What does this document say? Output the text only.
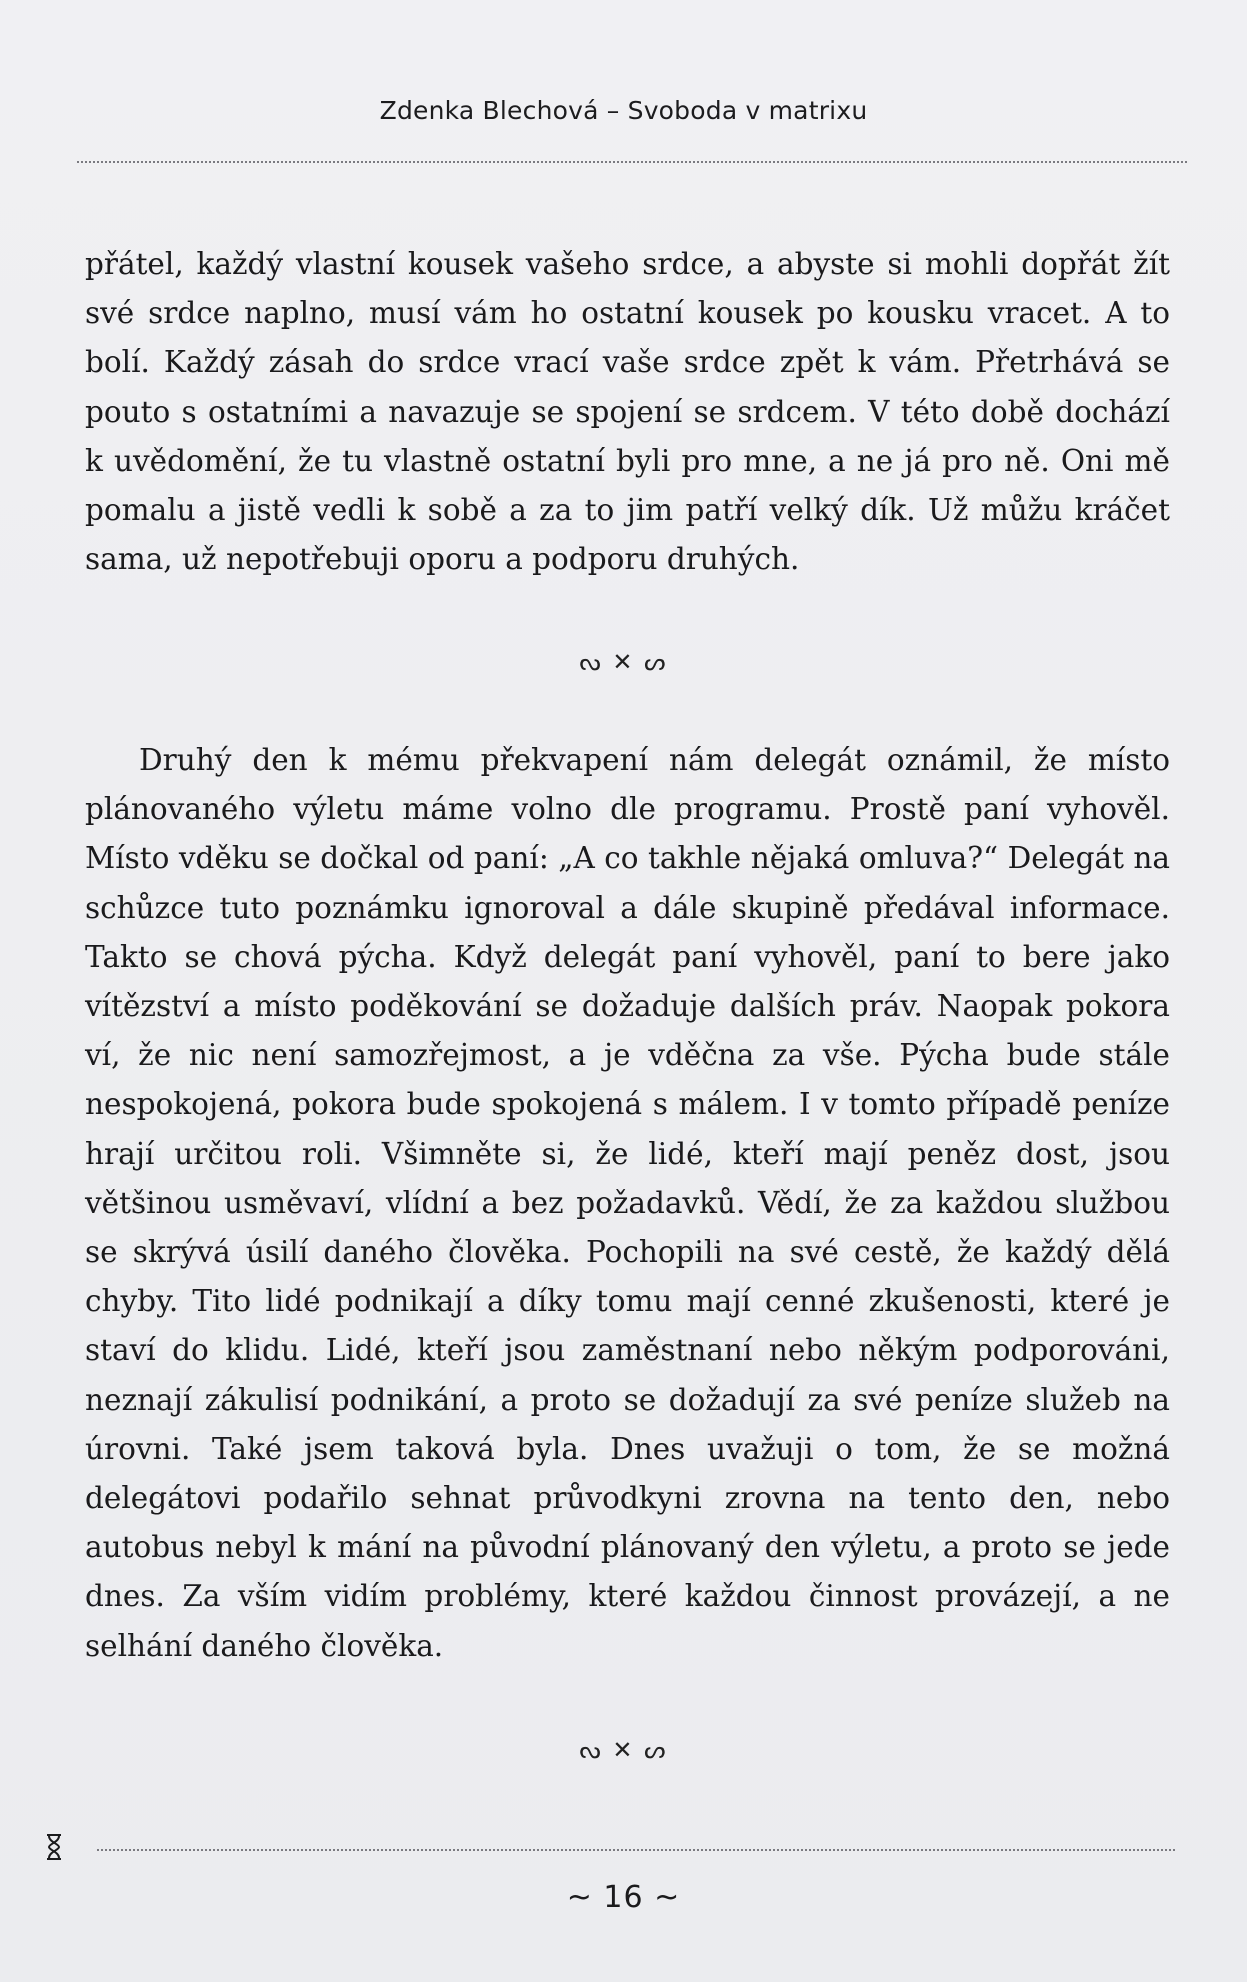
Zdenka Blechová – Svoboda v matrixu

přátel, každý vlastní kousek vašeho srdce, a abyste si mohli dopřát žít své srdce naplno, musí vám ho ostatní kousek po kousku vracet. A to bolí. Každý zásah do srdce vrací vaše srdce zpět k vám. Přetrhává se pouto s ostatními a navazuje se spojení se srdcem. V této době dochází k uvědomění, že tu vlastně ostatní byli pro mne, a ne já pro ně. Oni mě pomalu a jistě vedli k sobě a za to jim patří velký dík. Už můžu kráčet sama, už nepotřebuji oporu a podporu druhých.

ᔓ ✕ ᔕ

Druhý den k mému překvapení nám delegát oznámil, že místo plánovaného výletu máme volno dle programu. Prostě paní vyhověl. Místo vděku se dočkal od paní: „A co takhle nějaká omluva?“ Delegát na schůzce tuto poznámku ignoroval a dále skupině předával informace. Takto se chová pýcha. Když delegát paní vyhověl, paní to bere jako vítězství a místo poděkování se dožaduje dalších práv. Naopak pokora ví, že nic není samozřejmost, a je vděčna za vše. Pýcha bude stále nespokojená, pokora bude spokojená s málem. I v tomto případě peníze hrají určitou roli. Všimněte si, že lidé, kteří mají peněz dost, jsou většinou usměvaví, vlídní a bez požadavků. Vědí, že za každou službou se skrývá úsilí daného člověka. Pochopili na své cestě, že každý dělá chyby. Tito lidé podnikají a díky tomu mají cenné zkušenosti, které je staví do klidu. Lidé, kteří jsou zaměstnaní nebo někým podporováni, neznají zákulisí podnikání, a proto se dožadují za své peníze služeb na úrovni. Také jsem taková byla. Dnes uvažuji o tom, že se možná delegátovi podařilo sehnat průvodkyni zrovna na tento den, nebo autobus nebyl k mání na původní plánovaný den výletu, a proto se jede dnes. Za vším vidím problémy, které každou činnost provázejí, a ne selhání daného člověka.

ᔓ ✕ ᔕ
~ 16 ~
